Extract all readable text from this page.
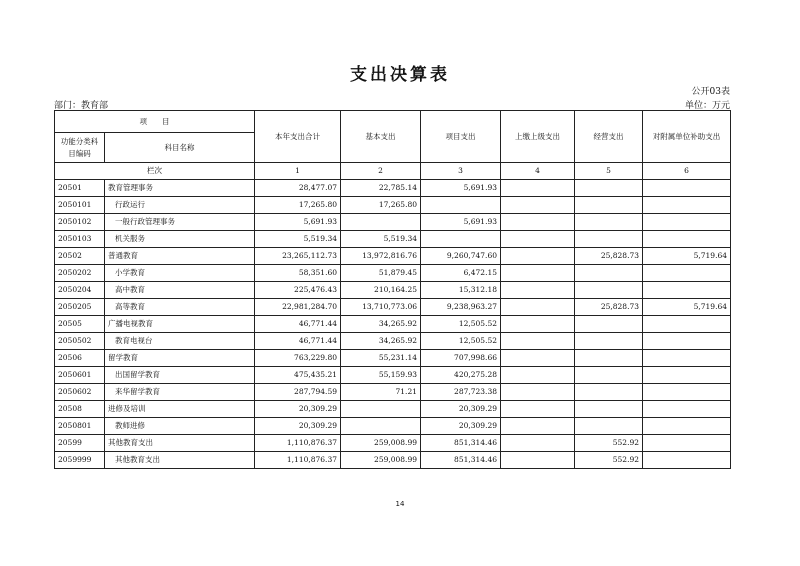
支出决算表
公开03表
部门：教育部	单位：万元
项　　目		本年支出合计	基本支出	项目支出	上缴上级支出	经营支出	对附属单位补助支出
功能分类科目编码	科目名称						
栏次		1	2	3	4	5	6
20501	教育管理事务	28,477.07	22,785.14	5,691.93			
2050101	行政运行	17,265.80	17,265.80				
2050102	一般行政管理事务	5,691.93		5,691.93			
2050103	机关服务	5,519.34	5,519.34				
20502	普通教育	23,265,112.73	13,972,816.76	9,260,747.60		25,828.73	5,719.64
2050202	小学教育	58,351.60	51,879.45	6,472.15			
2050204	高中教育	225,476.43	210,164.25	15,312.18			
2050205	高等教育	22,981,284.70	13,710,773.06	9,238,963.27		25,828.73	5,719.64
20505	广播电视教育	46,771.44	34,265.92	12,505.52			
2050502	教育电视台	46,771.44	34,265.92	12,505.52			
20506	留学教育	763,229.80	55,231.14	707,998.66			
2050601	出国留学教育	475,435.21	55,159.93	420,275.28			
2050602	来华留学教育	287,794.59	71.21	287,723.38			
20508	进修及培训	20,309.29		20,309.29			
2050801	教师进修	20,309.29		20,309.29			
20599	其他教育支出	1,110,876.37	259,008.99	851,314.46		552.92	
2059999	其他教育支出	1,110,876.37	259,008.99	851,314.46		552.92	
14
